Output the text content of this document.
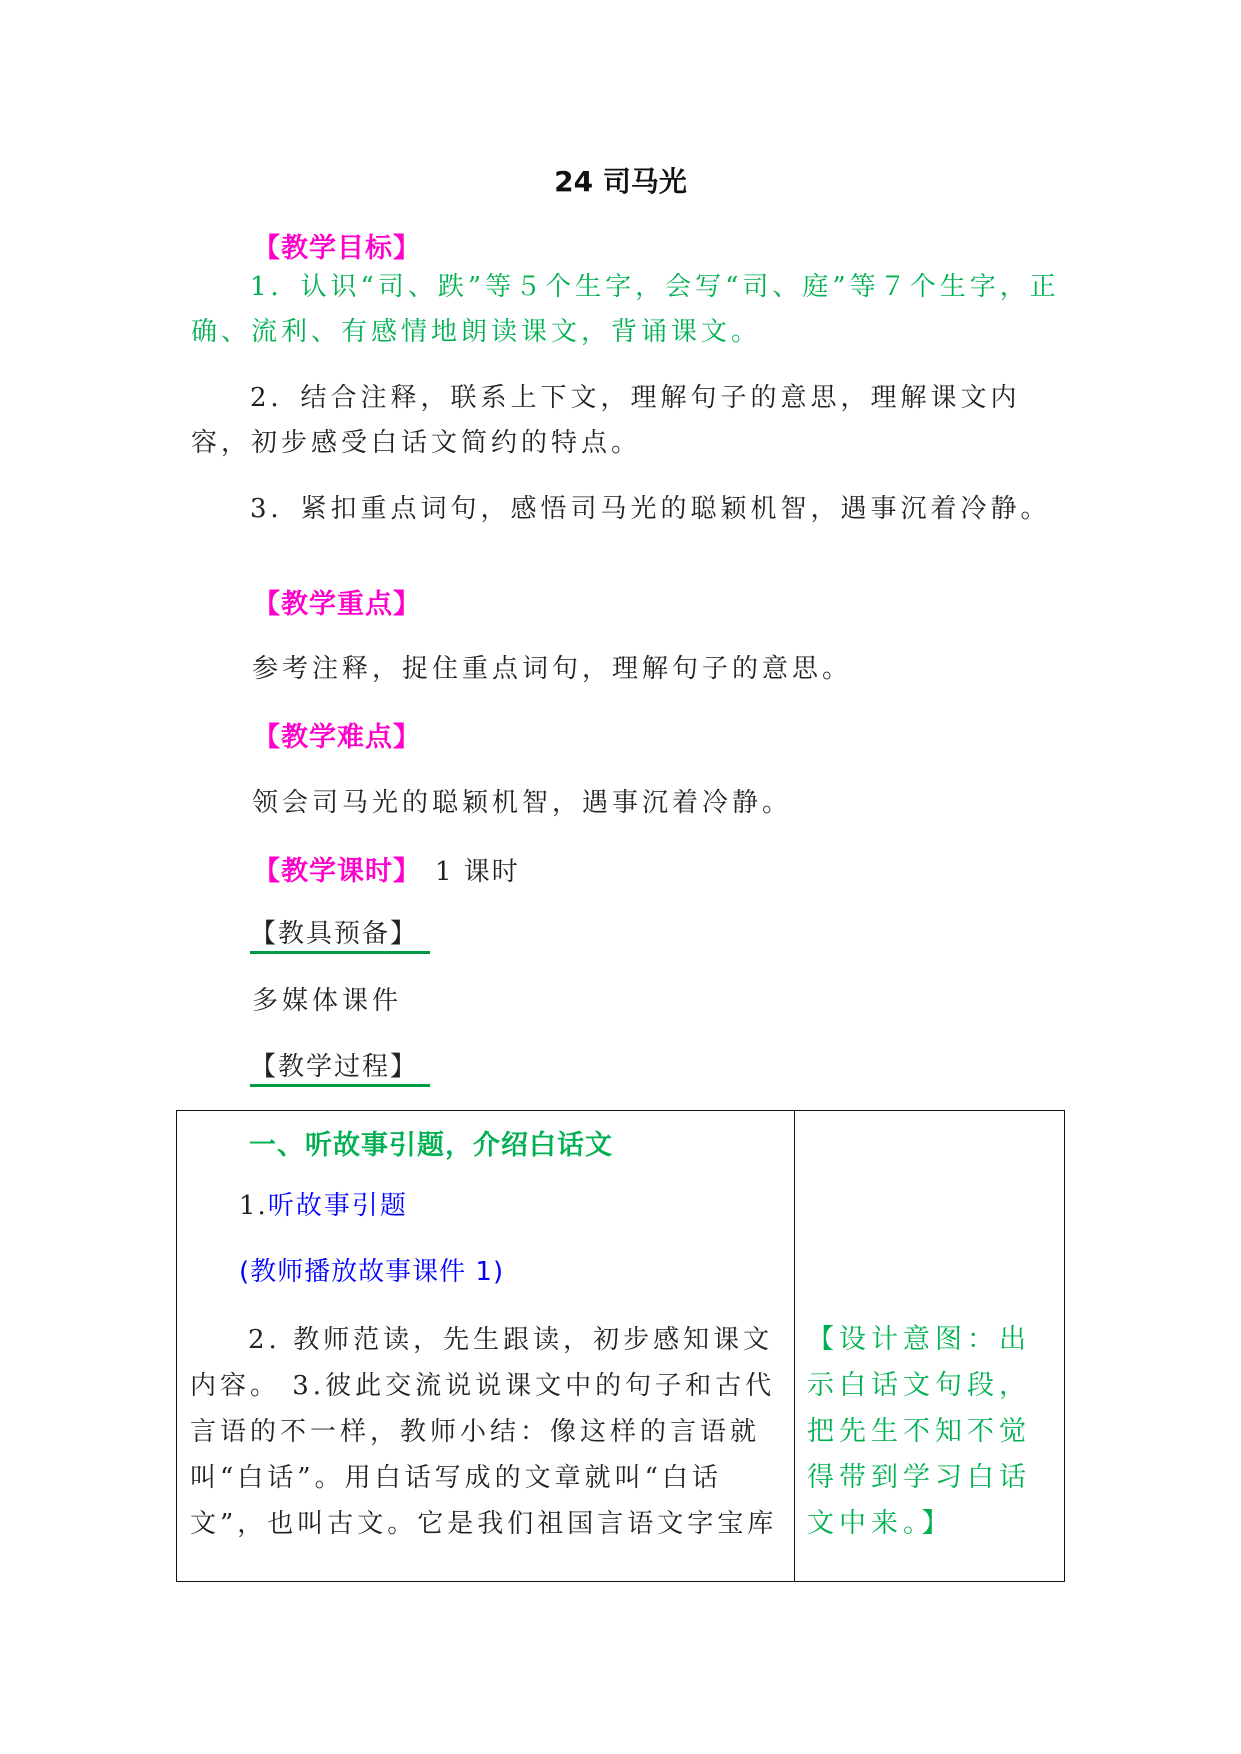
24 司马光
【教学目标】

1．认识“司、跌”等５个生字，会写“司、庭”等７个生字，正确、流利、有感情地朗读课文，背诵课文。

2．结合注释，联系上下文，理解句子的意思，理解课文内容，初步感受白话文简约的特点。

3．紧扣重点词句，感悟司马光的聪颖机智，遇事沉着冷静。

【教学重点】
参考注释，捉住重点词句，理解句子的意思。
【教学难点】
领会司马光的聪颖机智，遇事沉着冷静。
【教学课时】 1 课时
【教具预备】
多媒体课件
【教学过程】
一、听故事引题，介绍白话文
1.听故事引题
(教师播放故事课件 1)

2. 教师范读，先生跟读，初步感知课文内容。 3.彼此交流说说课文中的句子和古代言语的不一样，教师小结：像这样的言语就叫“白话”。用白话写成的文章就叫“白话文”，也叫古文。它是我们祖国言语文字宝库

【设计意图：出示白话文句段，把先生不知不觉得带到学习白话文中来。】
